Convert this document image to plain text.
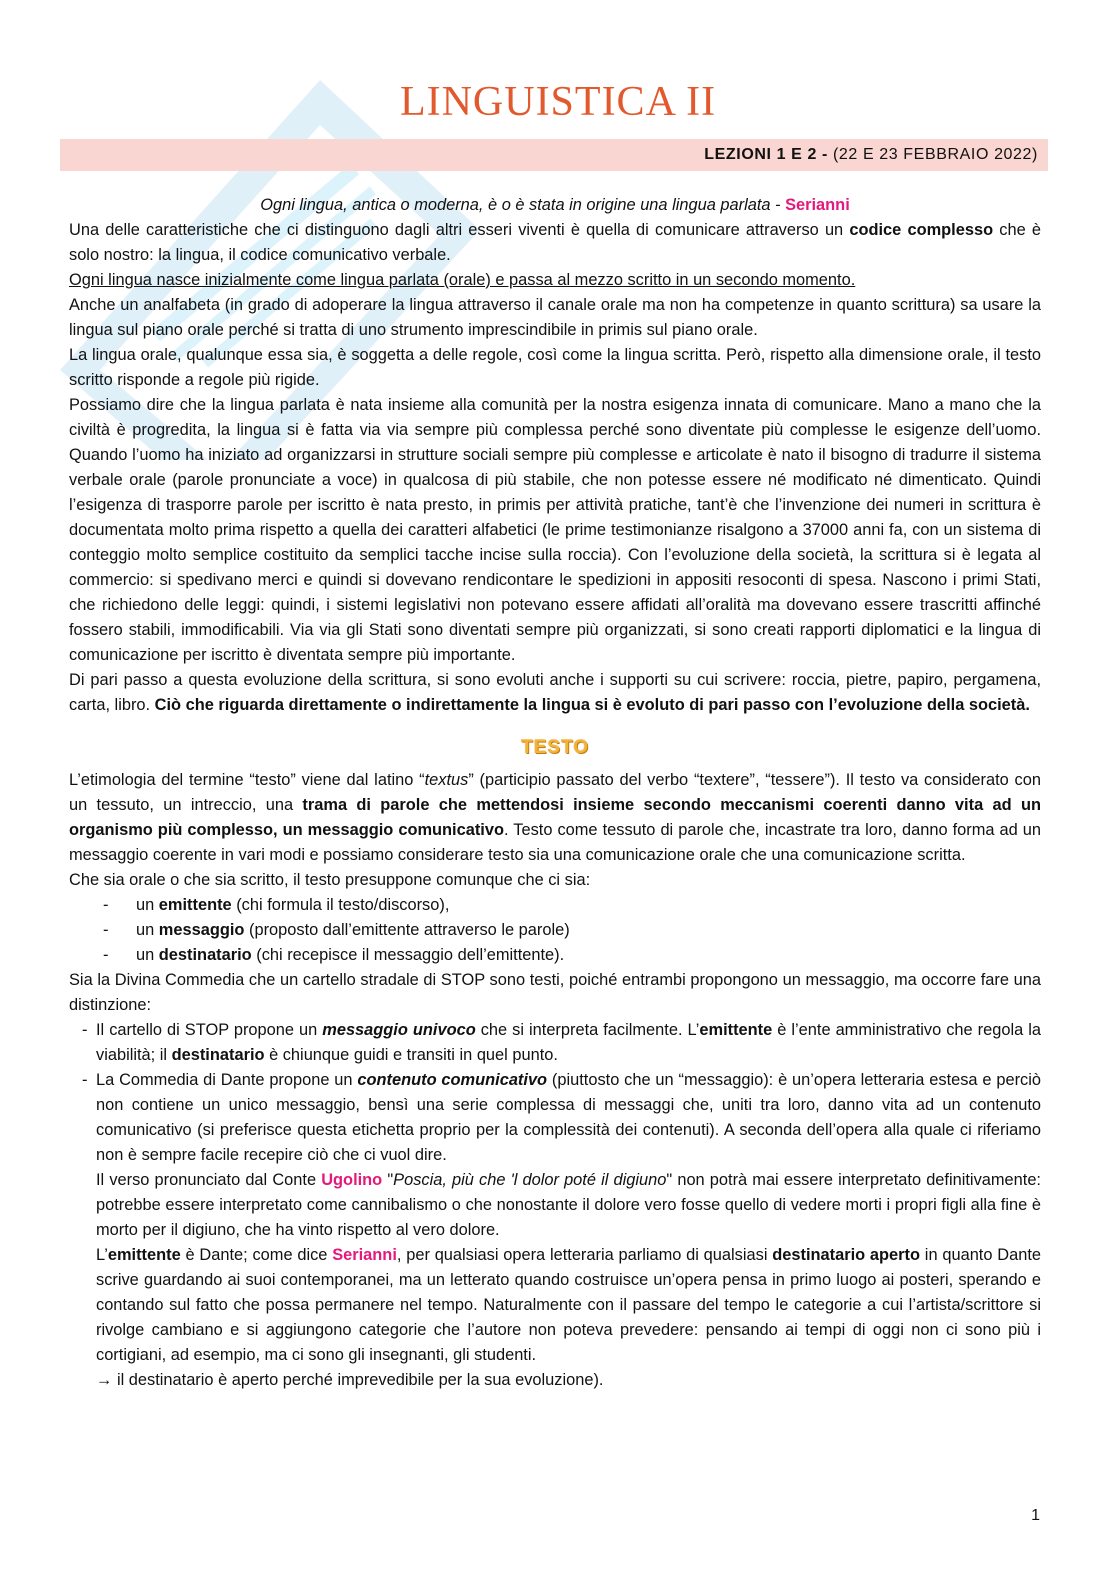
LINGUISTICA II
LEZIONI 1 E 2 - (22 E 23 FEBBRAIO 2022)

Ogni lingua, antica o moderna, è o è stata in origine una lingua parlata - Serianni

Una delle caratteristiche che ci distinguono dagli altri esseri viventi è quella di comunicare attraverso un codice complesso che è solo nostro: la lingua, il codice comunicativo verbale.

Ogni lingua nasce inizialmente come lingua parlata (orale) e passa al mezzo scritto in un secondo momento.

Anche un analfabeta (in grado di adoperare la lingua attraverso il canale orale ma non ha competenze in quanto scrittura) sa usare la lingua sul piano orale perché si tratta di uno strumento imprescindibile in primis sul piano orale.

La lingua orale, qualunque essa sia, è soggetta a delle regole, così come la lingua scritta. Però, rispetto alla dimensione orale, il testo scritto risponde a regole più rigide.

Possiamo dire che la lingua parlata è nata insieme alla comunità per la nostra esigenza innata di comunicare. Mano a mano che la civiltà è progredita, la lingua si è fatta via via sempre più complessa perché sono diventate più complesse le esigenze dell’uomo. Quando l’uomo ha iniziato ad organizzarsi in strutture sociali sempre più complesse e articolate è nato il bisogno di tradurre il sistema verbale orale (parole pronunciate a voce) in qualcosa di più stabile, che non potesse essere né modificato né dimenticato. Quindi l’esigenza di trasporre parole per iscritto è nata presto, in primis per attività pratiche, tant’è che l’invenzione dei numeri in scrittura è documentata molto prima rispetto a quella dei caratteri alfabetici (le prime testimonianze risalgono a 37000 anni fa, con un sistema di conteggio molto semplice costituito da semplici tacche incise sulla roccia). Con l’evoluzione della società, la scrittura si è legata al commercio: si spedivano merci e quindi si dovevano rendicontare le spedizioni in appositi resoconti di spesa. Nascono i primi Stati, che richiedono delle leggi: quindi, i sistemi legislativi non potevano essere affidati all’oralità ma dovevano essere trascritti affinché fossero stabili, immodificabili. Via via gli Stati sono diventati sempre più organizzati, si sono creati rapporti diplomatici e la lingua di comunicazione per iscritto è diventata sempre più importante.

Di pari passo a questa evoluzione della scrittura, si sono evoluti anche i supporti su cui scrivere: roccia, pietre, papiro, pergamena, carta, libro. Ciò che riguarda direttamente o indirettamente la lingua si è evoluto di pari passo con l’evoluzione della società.

TESTO

L’etimologia del termine “testo” viene dal latino “textus” (participio passato del verbo “textere”, “tessere”). Il testo va considerato con un tessuto, un intreccio, una trama di parole che mettendosi insieme secondo meccanismi coerenti danno vita ad un organismo più complesso, un messaggio comunicativo. Testo come tessuto di parole che, incastrate tra loro, danno forma ad un messaggio coerente in vari modi e possiamo considerare testo sia una comunicazione orale che una comunicazione scritta.

Che sia orale o che sia scritto, il testo presuppone comunque che ci sia:

- un emittente (chi formula il testo/discorso),
- un messaggio (proposto dall’emittente attraverso le parole)
- un destinatario (chi recepisce il messaggio dell’emittente).

Sia la Divina Commedia che un cartello stradale di STOP sono testi, poiché entrambi propongono un messaggio, ma occorre fare una distinzione:

- Il cartello di STOP propone un messaggio univoco che si interpreta facilmente. L’emittente è l’ente amministrativo che regola la viabilità; il destinatario è chiunque guidi e transiti in quel punto.

- La Commedia di Dante propone un contenuto comunicativo (piuttosto che un “messaggio): è un’opera letteraria estesa e perciò non contiene un unico messaggio, bensì una serie complessa di messaggi che, uniti tra loro, danno vita ad un contenuto comunicativo (si preferisce questa etichetta proprio per la complessità dei contenuti). A seconda dell’opera alla quale ci riferiamo non è sempre facile recepire ciò che ci vuol dire.

Il verso pronunciato dal Conte Ugolino "Poscia, più che 'l dolor poté il digiuno" non potrà mai essere interpretato definitivamente: potrebbe essere interpretato come cannibalismo o che nonostante il dolore vero fosse quello di vedere morti i propri figli alla fine è morto per il digiuno, che ha vinto rispetto al vero dolore.

L’emittente è Dante; come dice Serianni, per qualsiasi opera letteraria parliamo di qualsiasi destinatario aperto in quanto Dante scrive guardando ai suoi contemporanei, ma un letterato quando costruisce un’opera pensa in primo luogo ai posteri, sperando e contando sul fatto che possa permanere nel tempo. Naturalmente con il passare del tempo le categorie a cui l’artista/scrittore si rivolge cambiano e si aggiungono categorie che l’autore non poteva prevedere: pensando ai tempi di oggi non ci sono più i cortigiani, ad esempio, ma ci sono gli insegnanti, gli studenti.

→ il destinatario è aperto perché imprevedibile per la sua evoluzione).

1
